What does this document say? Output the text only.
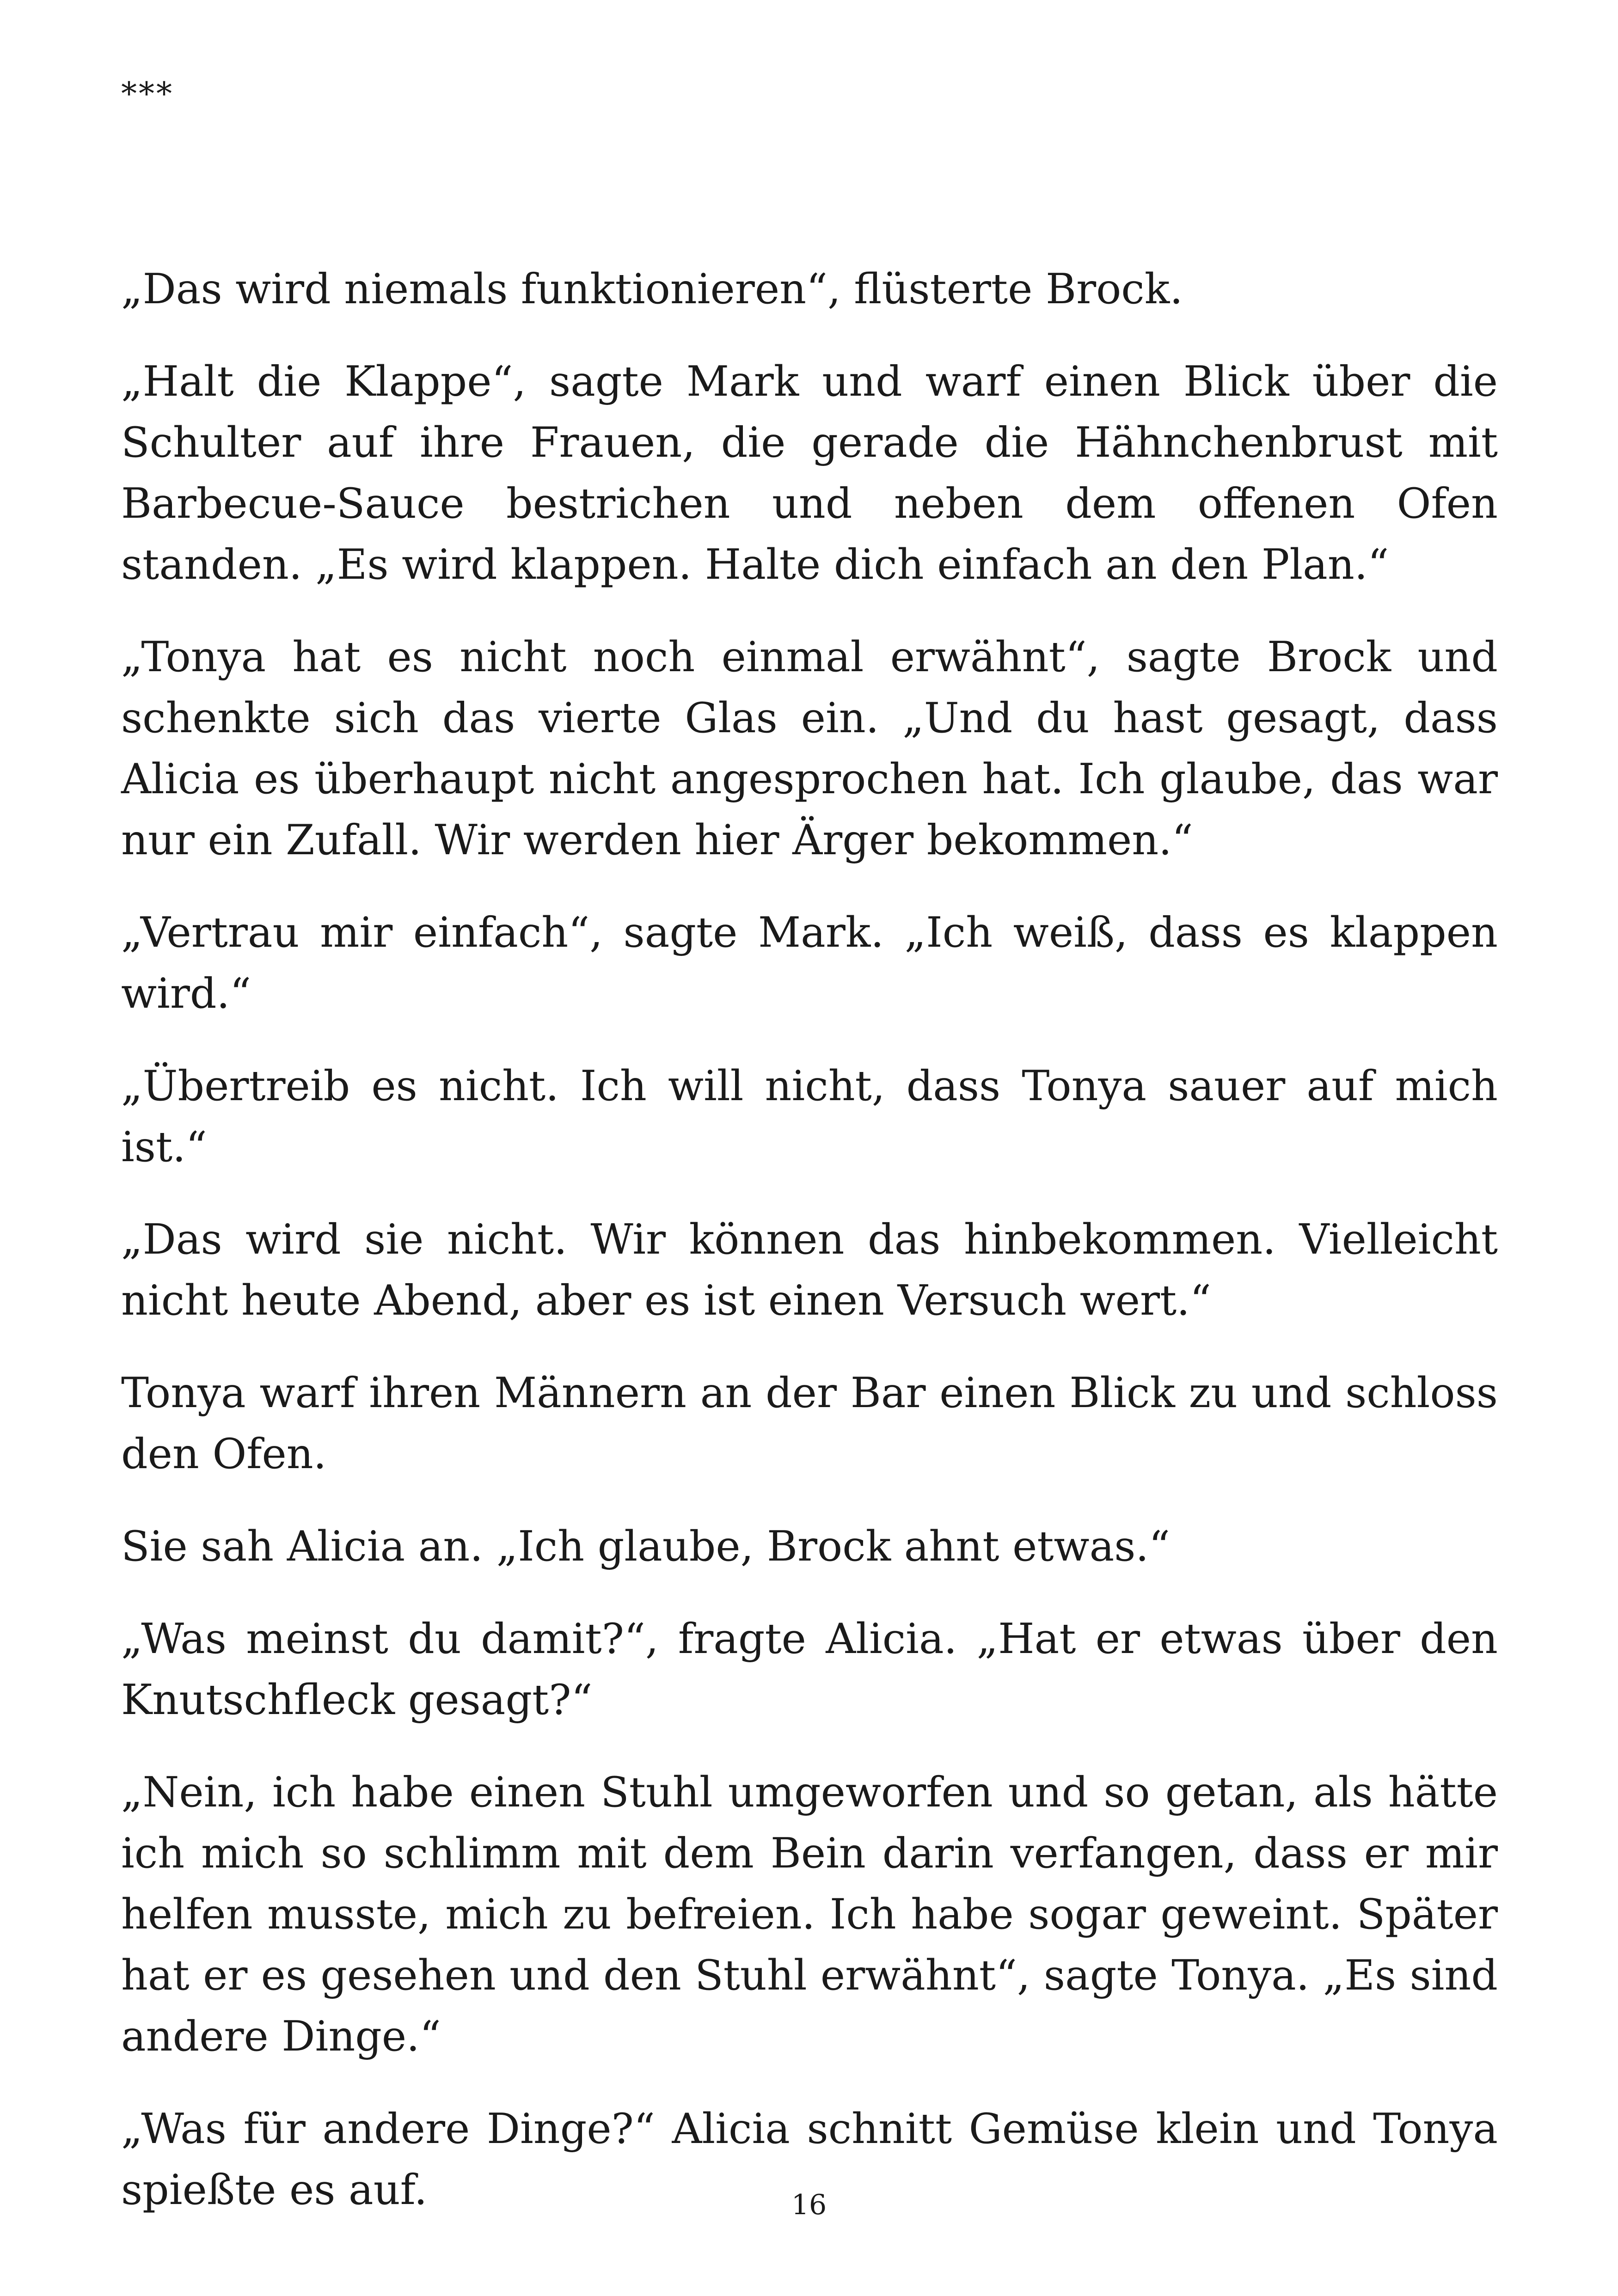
***

„Das wird niemals funktionieren“, flüsterte Brock.

„Halt die Klappe“, sagte Mark und warf einen Blick über die Schulter auf ihre Frauen, die gerade die Hähnchenbrust mit Barbecue-Sauce bestrichen und neben dem offenen Ofen standen. „Es wird klappen. Halte dich einfach an den Plan.“

„Tonya hat es nicht noch einmal erwähnt“, sagte Brock und schenkte sich das vierte Glas ein. „Und du hast gesagt, dass Alicia es überhaupt nicht angesprochen hat. Ich glaube, das war nur ein Zufall. Wir werden hier Ärger bekommen.“

„Vertrau mir einfach“, sagte Mark. „Ich weiß, dass es klappen wird.“

„Übertreib es nicht. Ich will nicht, dass Tonya sauer auf mich ist.“

„Das wird sie nicht. Wir können das hinbekommen. Vielleicht nicht heute Abend, aber es ist einen Versuch wert.“

Tonya warf ihren Männern an der Bar einen Blick zu und schloss den Ofen.

Sie sah Alicia an. „Ich glaube, Brock ahnt etwas.“

„Was meinst du damit?“, fragte Alicia. „Hat er etwas über den Knutschfleck gesagt?“

„Nein, ich habe einen Stuhl umgeworfen und so getan, als hätte ich mich so schlimm mit dem Bein darin verfangen, dass er mir helfen musste, mich zu befreien. Ich habe sogar geweint. Später hat er es gesehen und den Stuhl erwähnt“, sagte Tonya. „Es sind andere Dinge.“

„Was für andere Dinge?“ Alicia schnitt Gemüse klein und Tonya spießte es auf.	16
